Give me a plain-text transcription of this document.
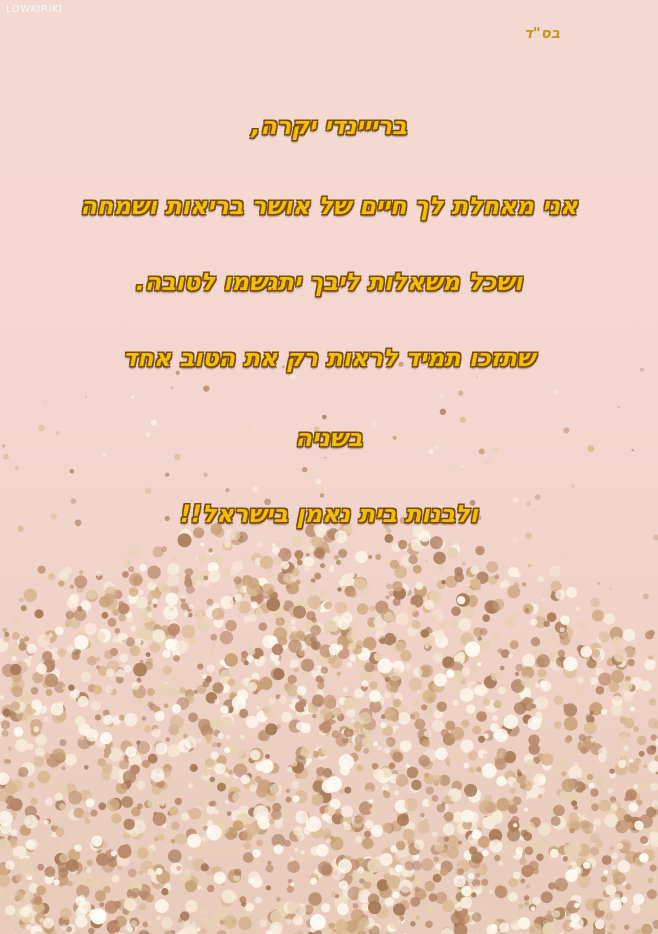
LOWKIRIKI
בס"ד
ברייינדי יקרה,
אני מאחלת לך חיים של אושר בריאות ושמחה
ושכל משאלות ליבך יתגשמו לטובה.
שתזכו תמיד לראות רק את הטוב אחד
בשניה
ולבנות בית נאמן בישראל!!
